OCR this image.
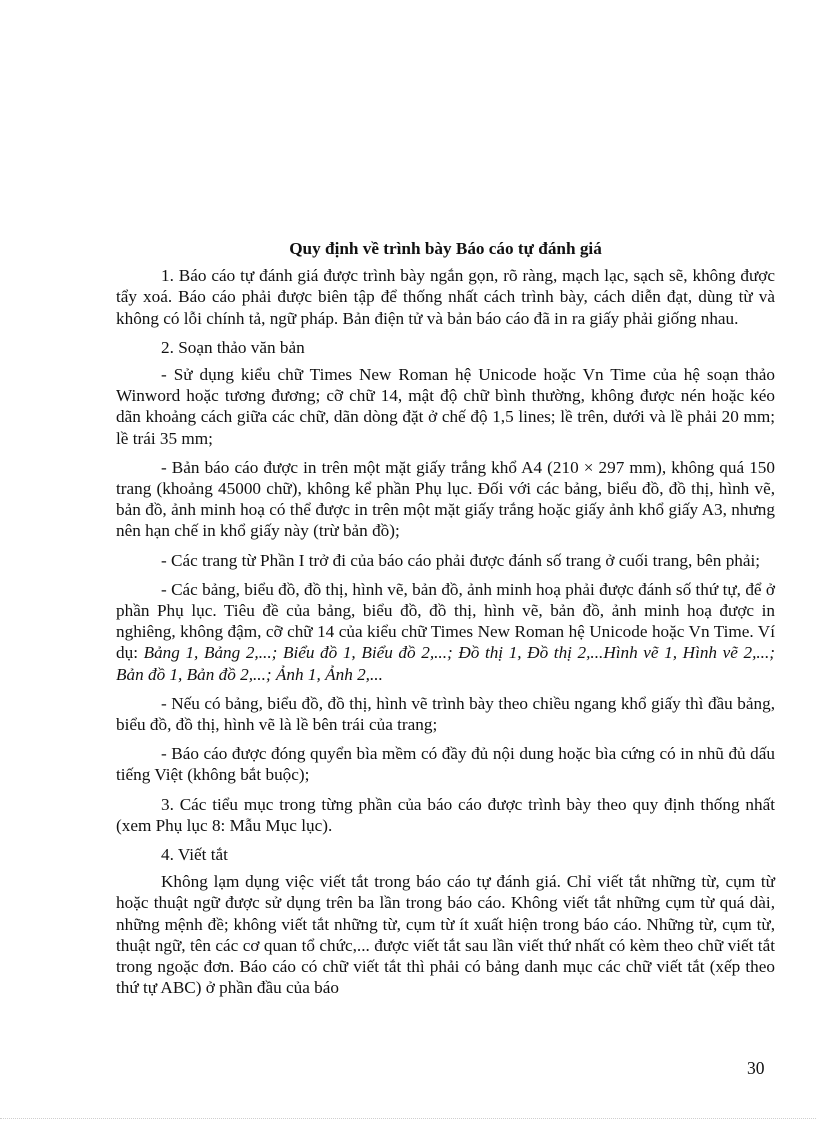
Quy định về trình bày Báo cáo tự đánh giá

1. Báo cáo tự đánh giá được trình bày ngắn gọn, rõ ràng, mạch lạc, sạch sẽ, không được tẩy xoá. Báo cáo phải được biên tập để thống nhất cách trình bày, cách diễn đạt, dùng từ và không có lỗi chính tả, ngữ pháp. Bản điện tử và bản báo cáo đã in ra giấy phải giống nhau.

2. Soạn thảo văn bản

- Sử dụng kiểu chữ Times New Roman hệ Unicode hoặc Vn Time của hệ soạn thảo Winword hoặc tương đương; cỡ chữ 14, mật độ chữ bình thường, không được nén hoặc kéo dãn khoảng cách giữa các chữ, dãn dòng đặt ở chế độ 1,5 lines; lề trên, dưới và lề phải 20 mm; lề trái 35 mm;

- Bản báo cáo được in trên một mặt giấy trắng khổ A4 (210 × 297 mm), không quá 150 trang (khoảng 45000 chữ), không kể phần Phụ lục. Đối với các bảng, biểu đồ, đồ thị, hình vẽ, bản đồ, ảnh minh hoạ có thể được in trên một mặt giấy trắng hoặc giấy ảnh khổ giấy A3, nhưng nên hạn chế in khổ giấy này (trừ bản đồ);

- Các trang từ Phần I trở đi của báo cáo phải được đánh số trang ở cuối trang, bên phải;

- Các bảng, biểu đồ, đồ thị, hình vẽ, bản đồ, ảnh minh hoạ phải được đánh số thứ tự, để ở phần Phụ lục. Tiêu đề của bảng, biểu đồ, đồ thị, hình vẽ, bản đồ, ảnh minh hoạ được in nghiêng, không đậm, cỡ chữ 14 của kiểu chữ Times New Roman hệ Unicode hoặc Vn Time. Ví dụ: Bảng 1, Bảng 2,...; Biểu đồ 1, Biểu đồ 2,...; Đồ thị 1, Đồ thị 2,...Hình vẽ 1, Hình vẽ 2,...; Bản đồ 1, Bản đồ 2,...; Ảnh 1, Ảnh 2,...

- Nếu có bảng, biểu đồ, đồ thị, hình vẽ trình bày theo chiều ngang khổ giấy thì đầu bảng, biểu đồ, đồ thị, hình vẽ là lề bên trái của trang;

- Báo cáo được đóng quyển bìa mềm có đầy đủ nội dung hoặc bìa cứng có in nhũ đủ dấu tiếng Việt (không bắt buộc);

3. Các tiểu mục trong từng phần của báo cáo được trình bày theo quy định thống nhất (xem Phụ lục 8: Mẫu Mục lục).

4. Viết tắt

Không lạm dụng việc viết tắt trong báo cáo tự đánh giá. Chỉ viết tắt những từ, cụm từ hoặc thuật ngữ được sử dụng trên ba lần trong báo cáo. Không viết tắt những cụm từ quá dài, những mệnh đề; không viết tắt những từ, cụm từ ít xuất hiện trong báo cáo. Những từ, cụm từ, thuật ngữ, tên các cơ quan tổ chức,... được viết tắt sau lần viết thứ nhất có kèm theo chữ viết tắt trong ngoặc đơn. Báo cáo có chữ viết tắt thì phải có bảng danh mục các chữ viết tắt (xếp theo thứ tự ABC) ở phần đầu của báo

30
